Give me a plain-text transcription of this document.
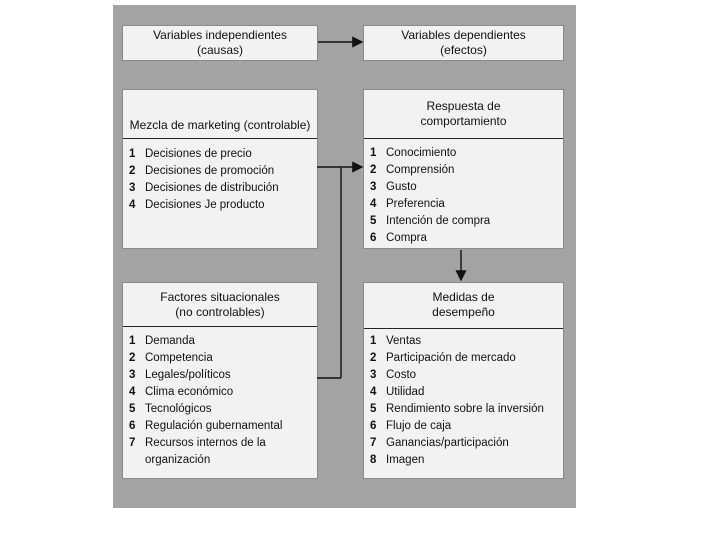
Variables independientes
(causas)
Variables dependientes
(efectos)
Mezcla de marketing (controlable)
1 Decisiones de precio
2 Decisiones de promoción
3 Decisiones de distribución
4 Decisiones Je producto
Respuesta de
comportamiento
1 Conocimiento
2 Comprensión
3 Gusto
4 Preferencia
5 Intención de compra
6 Compra
Factores situacionales
(no controlables)
1 Demanda
2 Competencia
3 Legales/políticos
4 Clima económico
5 Tecnológicos
6 Regulación gubernamental
7 Recursos internos de la organización
Medidas de
desempeño
1 Ventas
2 Participación de mercado
3 Costo
4 Utilidad
5 Rendimiento sobre la inversión
6 Flujo de caja
7 Ganancias/participación
8 Imagen
